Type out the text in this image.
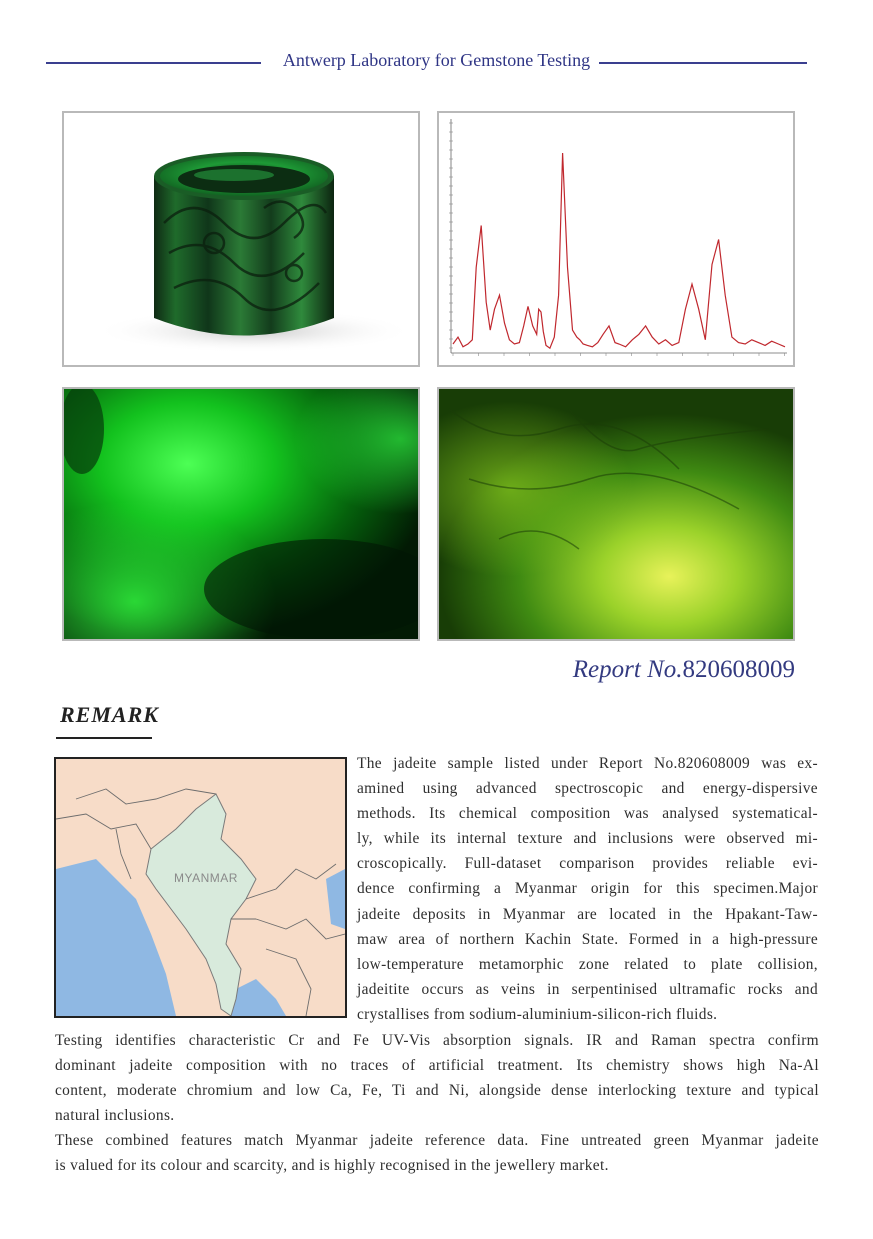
Antwerp Laboratory for Gemstone Testing
Report No.820608009
REMARK
MYANMAR
The jadeite sample listed under Report No.820608009 was ex-
amined using advanced spectroscopic and energy-dispersive
methods. Its chemical composition was analysed systematical-
ly, while its internal texture and inclusions were observed mi-
croscopically. Full-dataset comparison provides reliable evi-
dence confirming a Myanmar origin for this specimen.Major
jadeite deposits in Myanmar are located in the Hpakant-Taw-
maw area of northern Kachin State. Formed in a high-pressure
low-temperature metamorphic zone related to plate collision,
jadeitite occurs as veins in serpentinised ultramafic rocks and
crystallises from sodium-aluminium-silicon-rich fluids.
Testing identifies characteristic Cr and Fe UV-Vis absorption signals. IR and Raman spectra confirm
dominant jadeite composition with no traces of artificial treatment. Its chemistry shows high Na-Al
content, moderate chromium and low Ca, Fe, Ti and Ni, alongside dense interlocking texture and typical
natural inclusions.
These combined features match Myanmar jadeite reference data. Fine untreated green Myanmar jadeite
is valued for its colour and scarcity, and is highly recognised in the jewellery market.
